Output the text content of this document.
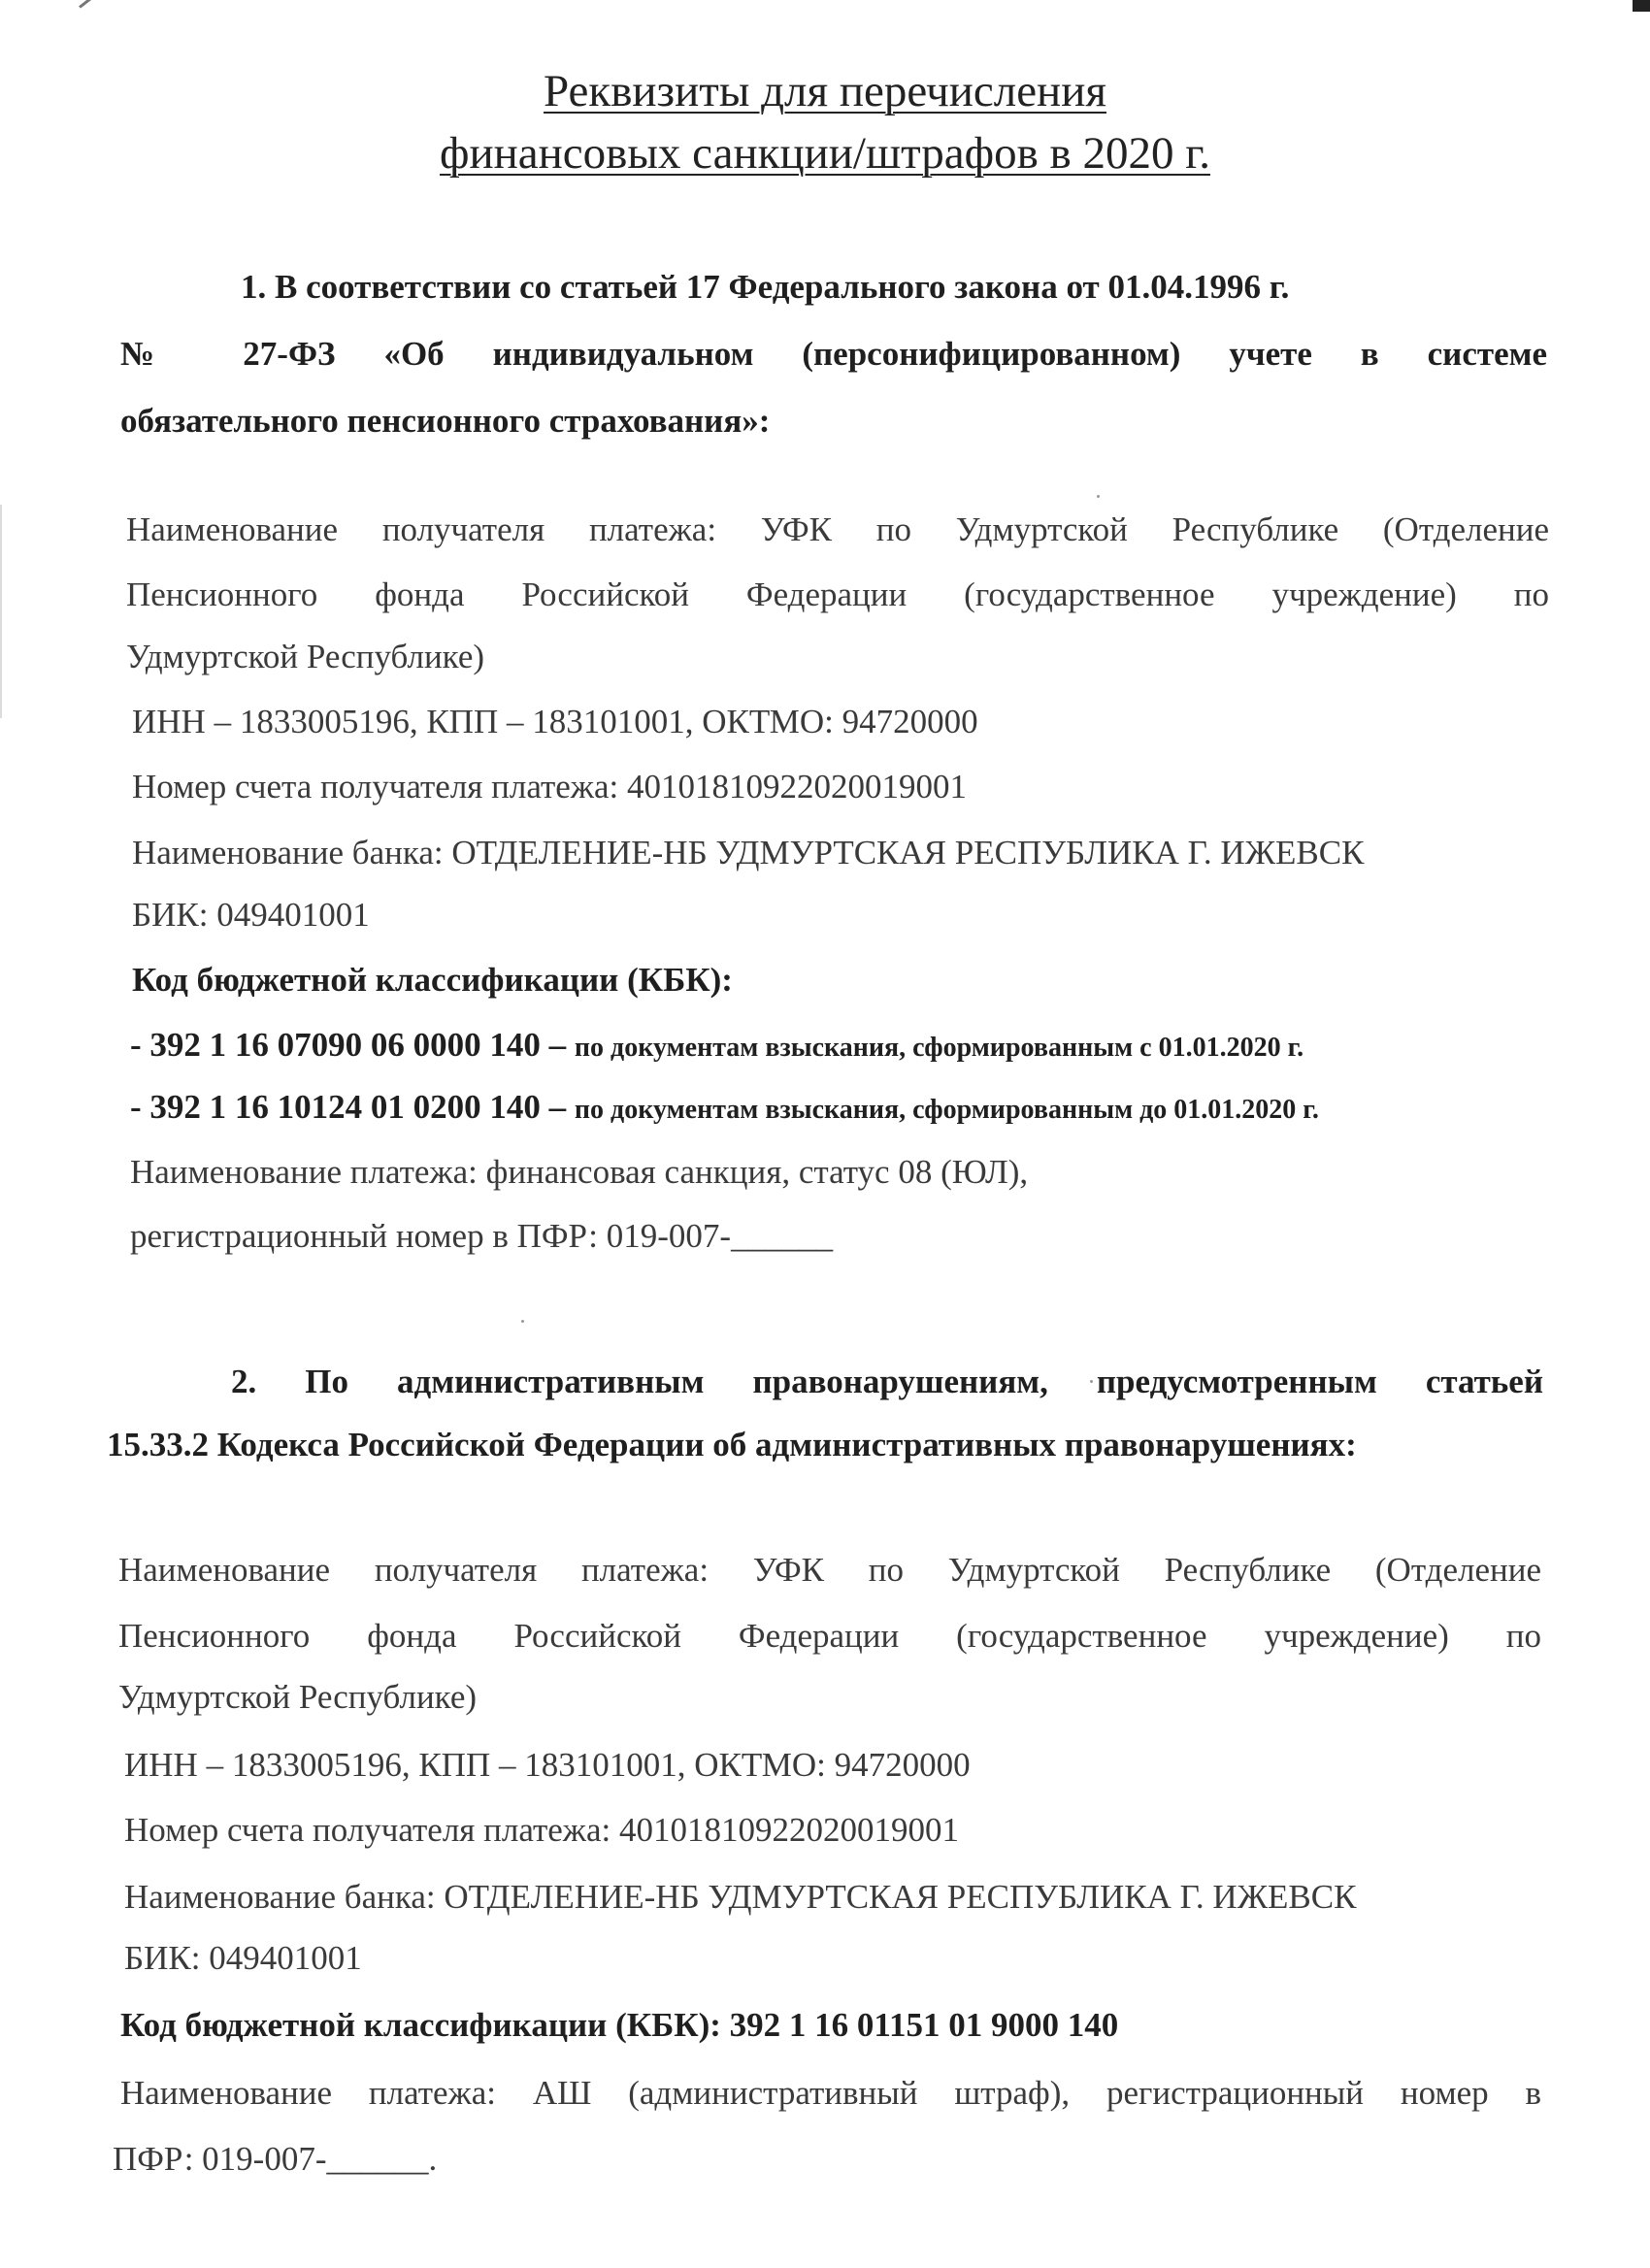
Реквизиты для перечисления
финансовых санкции/штрафов в 2020 г.
1. В соответствии со статьей 17 Федерального закона от 01.04.1996 г.
№ 27-ФЗ «Об индивидуальном (персонифицированном) учете в системе
обязательного пенсионного страхования»:
Наименование получателя платежа: УФК по Удмуртской Республике (Отделение
Пенсионного фонда Российской Федерации (государственное учреждение) по
Удмуртской Республике)
ИНН – 1833005196, КПП – 183101001, ОКТМО: 94720000
Номер счета получателя платежа: 40101810922020019001
Наименование банка: ОТДЕЛЕНИЕ-НБ УДМУРТСКАЯ РЕСПУБЛИКА Г. ИЖЕВСК
БИК: 049401001
Код бюджетной классификации (КБК):
- 392 1 16 07090 06 0000 140 – по документам взыскания, сформированным с 01.01.2020 г.
- 392 1 16 10124 01 0200 140 – по документам взыскания, сформированным до 01.01.2020 г.
Наименование платежа: финансовая санкция, статус 08 (ЮЛ),
регистрационный номер в ПФР: 019-007-______
2. По административным правонарушениям, предусмотренным статьей
15.33.2 Кодекса Российской Федерации об административных правонарушениях:
Наименование получателя платежа: УФК по Удмуртской Республике (Отделение
Пенсионного фонда Российской Федерации (государственное учреждение) по
Удмуртской Республике)
ИНН – 1833005196, КПП – 183101001, ОКТМО: 94720000
Номер счета получателя платежа: 40101810922020019001
Наименование банка: ОТДЕЛЕНИЕ-НБ УДМУРТСКАЯ РЕСПУБЛИКА Г. ИЖЕВСК
БИК: 049401001
Код бюджетной классификации (КБК): 392 1 16 01151 01 9000 140
Наименование платежа: АШ (административный штраф), регистрационный номер в
ПФР: 019-007-______.
